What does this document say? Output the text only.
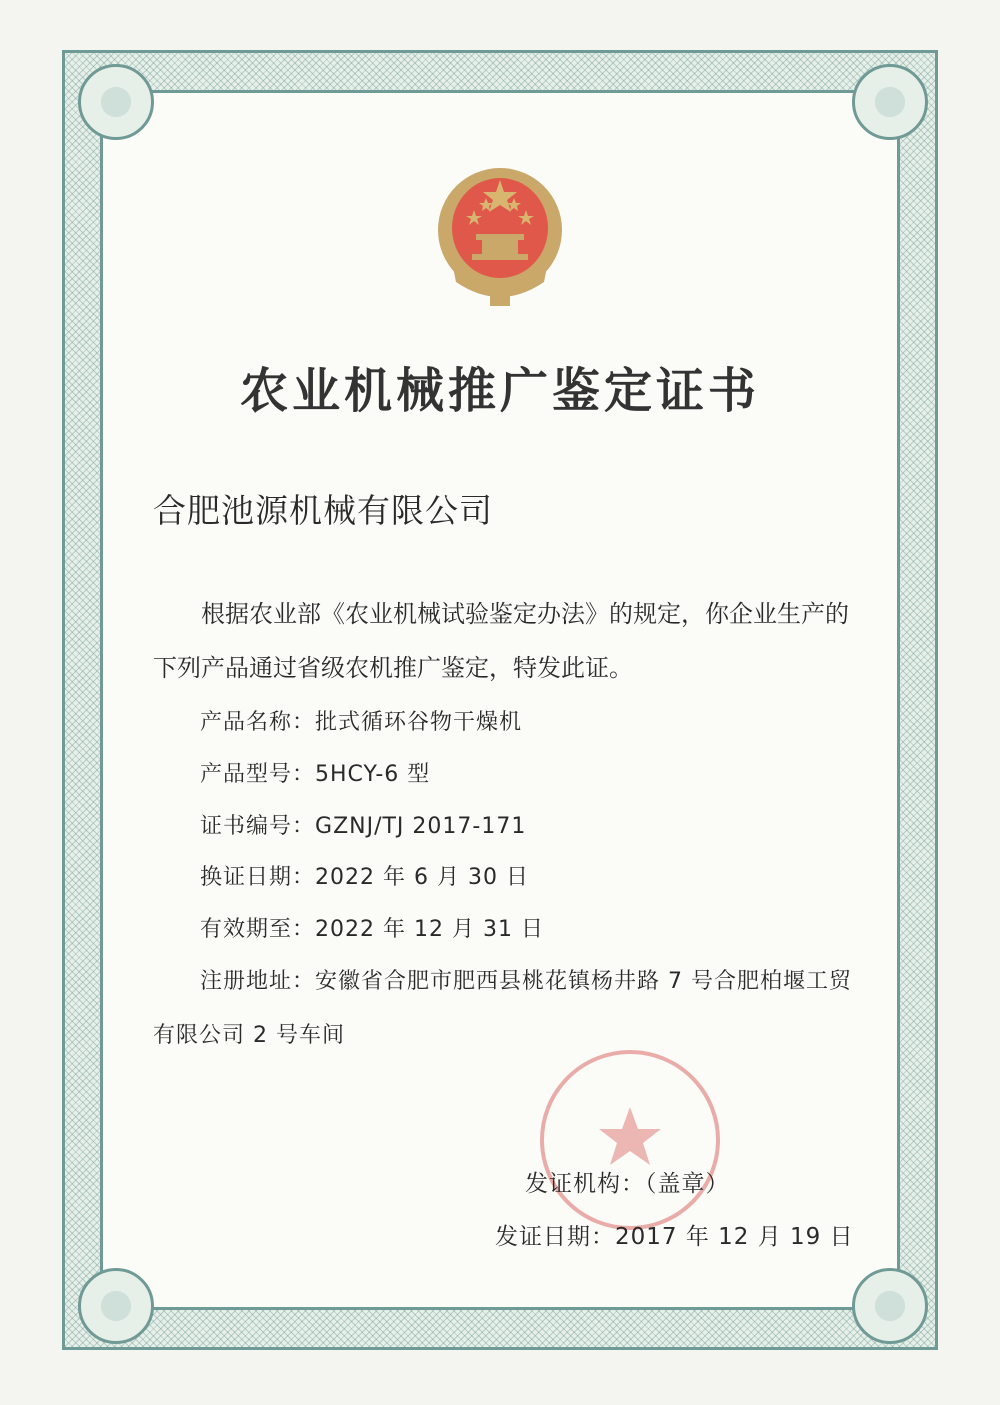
农业机械推广鉴定证书
合肥池源机械有限公司
根据农业部《农业机械试验鉴定办法》的规定，你企业生产的下列产品通过省级农机推广鉴定，特发此证。
产品名称：批式循环谷物干燥机
产品型号：5HCY-6 型
证书编号：GZNJ/TJ 2017-171
换证日期：2022 年 6 月 30 日
有效期至：2022 年 12 月 31 日
注册地址：安徽省合肥市肥西县桃花镇杨井路 7 号合肥柏堰工贸有限公司 2 号车间
发证机构：（盖章）
发证日期：2017 年 12 月 19 日
